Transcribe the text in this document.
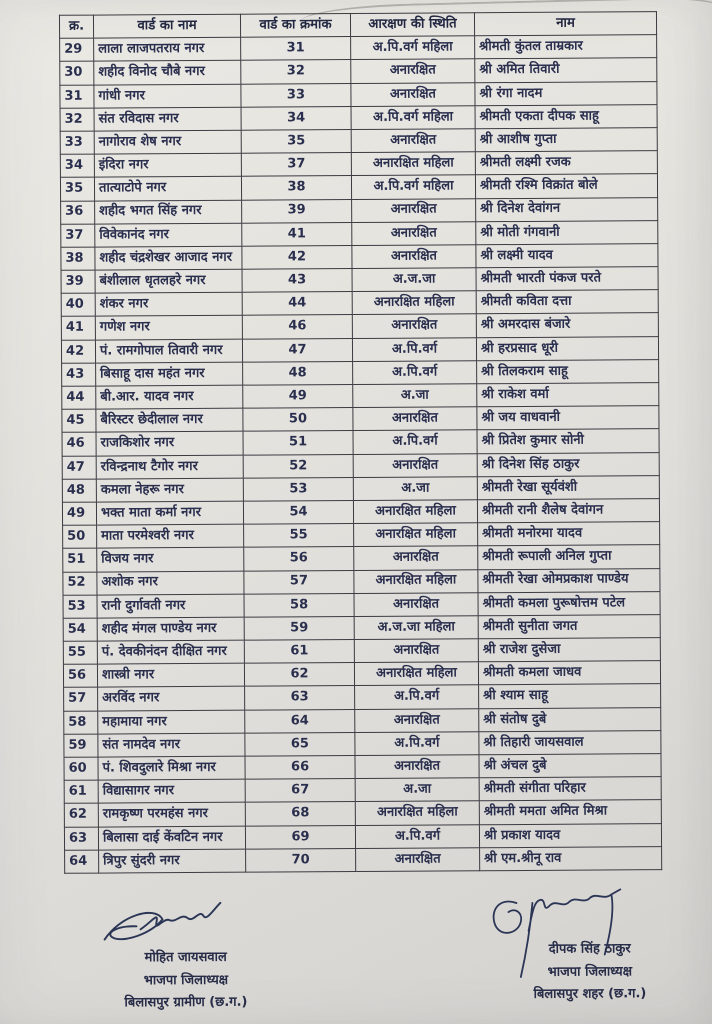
क्र.	वार्ड का नाम	वार्ड का क्रमांक	आरक्षण की स्थिति	नाम
29	लाला लाजपतराय नगर	31	अ.पि.वर्ग महिला	श्रीमती कुंतल ताम्रकार
30	शहीद विनोद चौबे नगर	32	अनारक्षित	श्री अमित तिवारी
31	गांधी नगर	33	अनारक्षित	श्री रंगा नादम
32	संत रविदास नगर	34	अ.पि.वर्ग महिला	श्रीमती एकता दीपक साहू
33	नागोराव शेष नगर	35	अनारक्षित	श्री आशीष गुप्ता
34	इंदिरा नगर	37	अनारक्षित महिला	श्रीमती लक्ष्मी रजक
35	तात्याटोपे नगर	38	अ.पि.वर्ग महिला	श्रीमती रश्मि विक्रांत बोले
36	शहीद भगत सिंह नगर	39	अनारक्षित	श्री दिनेश देवांगन
37	विवेकानंद नगर	41	अनारक्षित	श्री मोती गंगवानी
38	शहीद चंद्रशेखर आजाद नगर	42	अनारक्षित	श्री लक्ष्मी यादव
39	बंशीलाल धृतलहरे नगर	43	अ.ज.जा	श्रीमती भारती पंकज परते
40	शंकर नगर	44	अनारक्षित महिला	श्रीमती कविता दत्ता
41	गणेश नगर	46	अनारक्षित	श्री अमरदास बंजारे
42	पं. रामगोपाल तिवारी नगर	47	अ.पि.वर्ग	श्री हरप्रसाद धूरी
43	बिसाहू दास महंत नगर	48	अ.पि.वर्ग	श्री तिलकराम साहू
44	बी.आर. यादव नगर	49	अ.जा	श्री राकेश वर्मा
45	बैरिस्टर छेदीलाल नगर	50	अनारक्षित	श्री जय वाधवानी
46	राजकिशोर नगर	51	अ.पि.वर्ग	श्री प्रितेश कुमार सोनी
47	रविन्द्रनाथ टैगोर नगर	52	अनारक्षित	श्री दिनेश सिंह ठाकुर
48	कमला नेहरू नगर	53	अ.जा	श्रीमती रेखा सूर्यवंशी
49	भक्त माता कर्मा नगर	54	अनारक्षित महिला	श्रीमती रानी शैलेष देवांगन
50	माता परमेश्वरी नगर	55	अनारक्षित महिला	श्रीमती मनोरमा यादव
51	विजय नगर	56	अनारक्षित	श्रीमती रूपाली अनिल गुप्ता
52	अशोक नगर	57	अनारक्षित महिला	श्रीमती रेखा ओमप्रकाश पाण्डेय
53	रानी दुर्गावती नगर	58	अनारक्षित	श्रीमती कमला पुरूषोत्तम पटेल
54	शहीद मंगल पाण्डेय नगर	59	अ.ज.जा महिला	श्रीमती सुनीता जगत
55	पं. देवकीनंदन दीक्षित नगर	61	अनारक्षित	श्री राजेश दुसेजा
56	शास्त्री नगर	62	अनारक्षित महिला	श्रीमती कमला जाधव
57	अरविंद नगर	63	अ.पि.वर्ग	श्री श्याम साहू
58	महामाया नगर	64	अनारक्षित	श्री संतोष दुबे
59	संत नामदेव नगर	65	अ.पि.वर्ग	श्री तिहारी जायसवाल
60	पं. शिवदुलारे मिश्रा नगर	66	अनारक्षित	श्री अंचल दुबे
61	विद्यासागर नगर	67	अ.जा	श्रीमती संगीता परिहार
62	रामकृष्ण परमहंस नगर	68	अनारक्षित महिला	श्रीमती ममता अमित मिश्रा
63	बिलासा दाई केंवटिन नगर	69	अ.पि.वर्ग	श्री प्रकाश यादव
64	त्रिपुर सुंदरी नगर	70	अनारक्षित	श्री एम.श्रीनू राव
मोहित जायसवाल
भाजपा जिलाध्यक्ष
बिलासपुर ग्रामीण (छ.ग.)
दीपक सिंह ठाकुर
भाजपा जिलाध्यक्ष
बिलासपुर शहर (छ.ग.)
